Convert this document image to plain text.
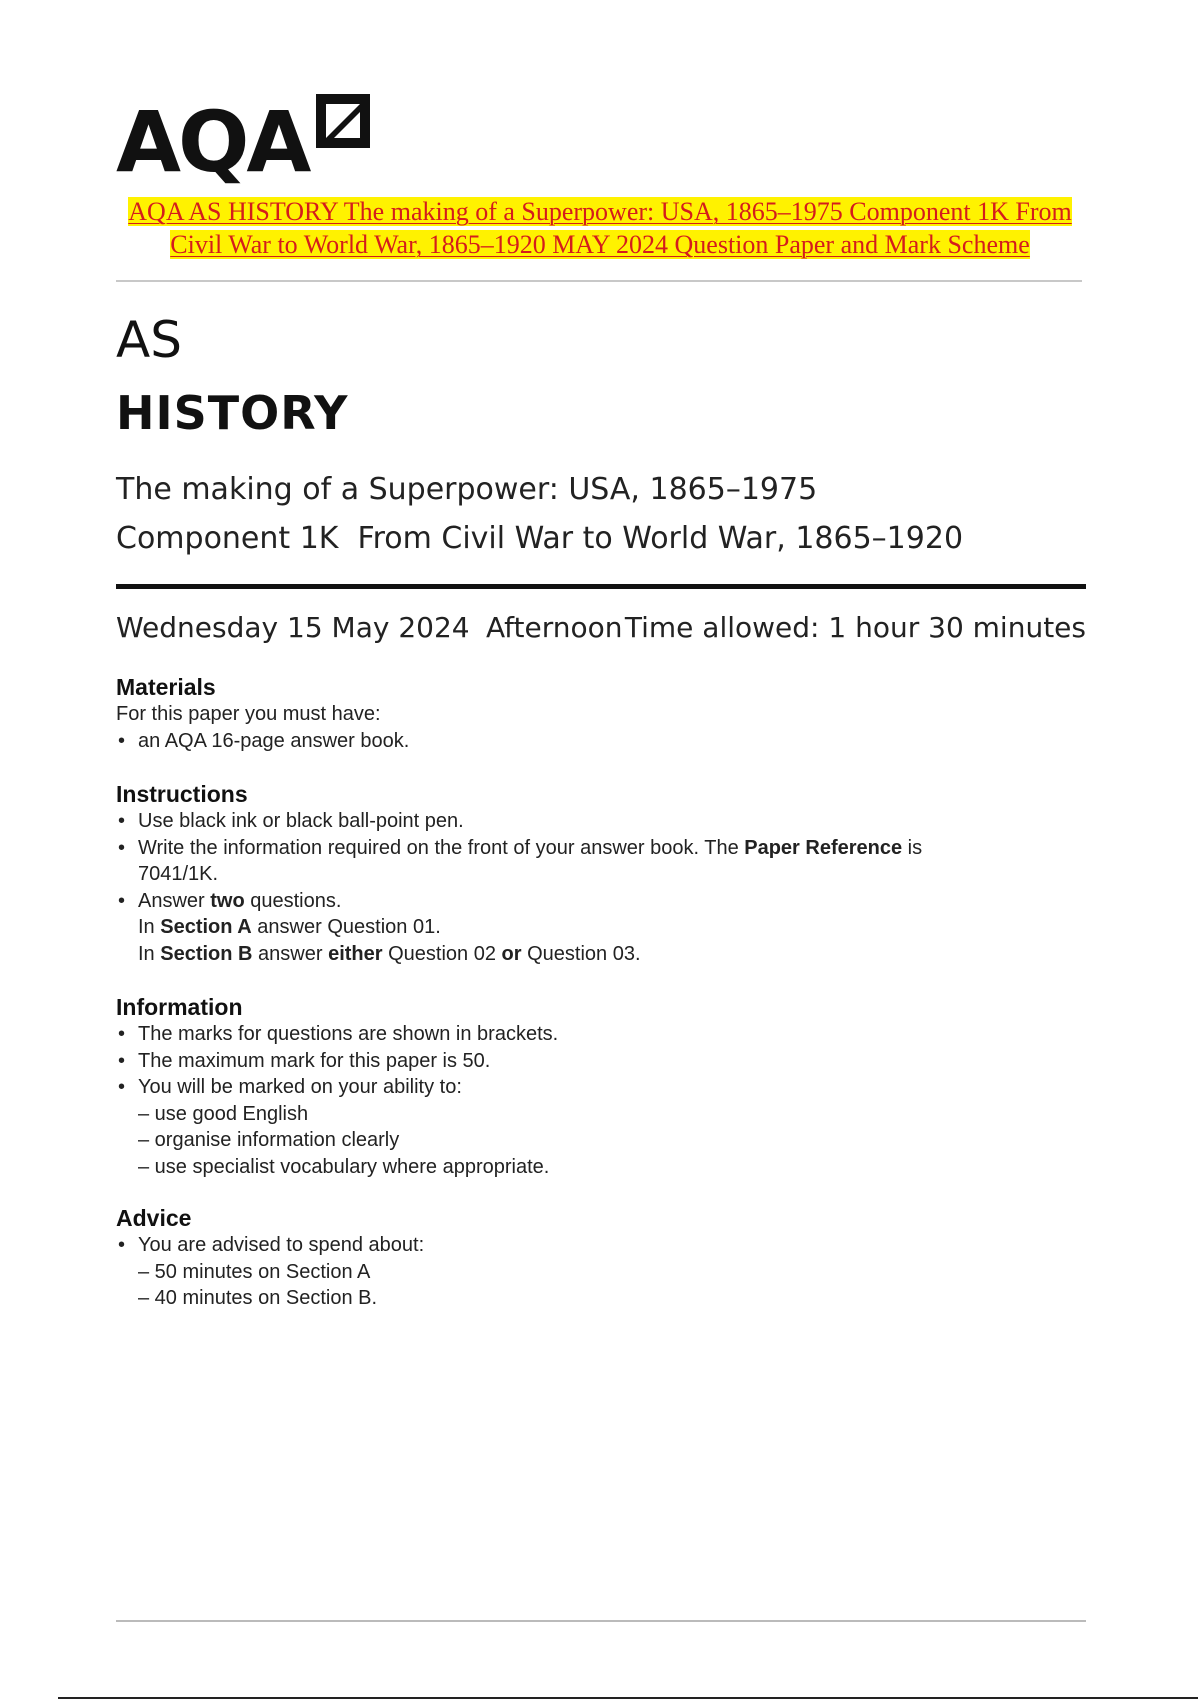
AQA
AQA AS HISTORY The making of a Superpower: USA, 1865–1975 Component 1K From
Civil War to World War, 1865–1920 MAY 2024 Question Paper and Mark Scheme
AS
HISTORY
The making of a Superpower: USA, 1865–1975
Component 1K  From Civil War to World War, 1865–1920
Wednesday 15 May 2024 Afternoon Time allowed: 1 hour 30 minutes
Materials

For this paper you must have:

• an AQA 16-page answer book.
Instructions
• Use black ink or black ball-point pen.
• Write the information required on the front of your answer book. The Paper Reference is
7041/1K.
• Answer two questions.
In Section A answer Question 01.
In Section B answer either Question 02 or Question 03.
Information
• The marks for questions are shown in brackets.
• The maximum mark for this paper is 50.
• You will be marked on your ability to:
– use good English
– organise information clearly
– use specialist vocabulary where appropriate.
Advice
• You are advised to spend about:
– 50 minutes on Section A
– 40 minutes on Section B.
